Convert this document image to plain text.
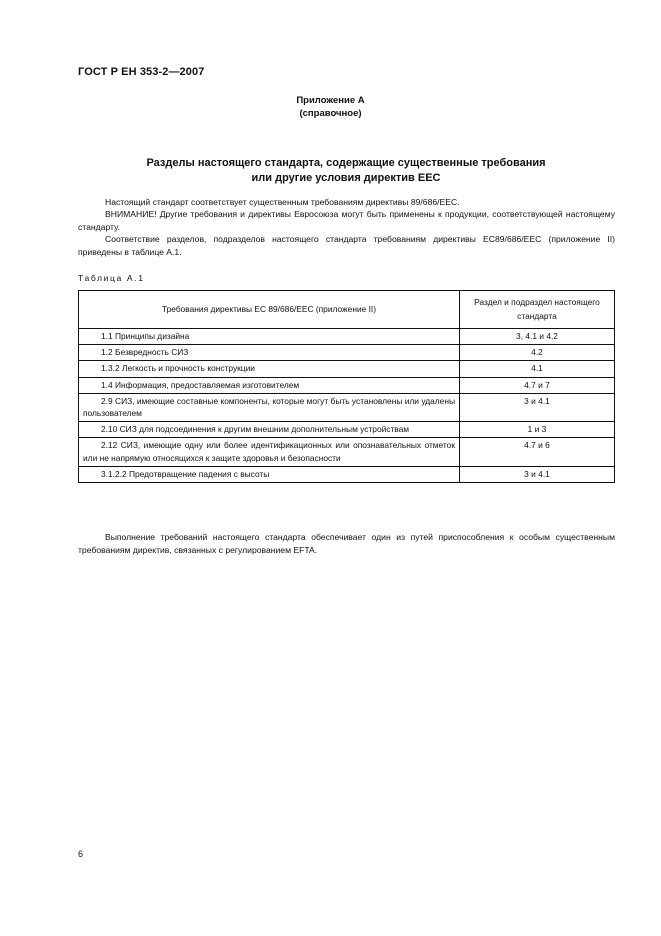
ГОСТ Р ЕН 353-2—2007
Приложение А
(справочное)
Разделы настоящего стандарта, содержащие существенные требования
или другие условия директив ЕЕС

Настоящий стандарт соответствует существенным требованиям директивы 89/686/EEC.

ВНИМАНИЕ! Другие требования и директивы Евросоюза могут быть применены к продукции, соответствующей настоящему стандарту.

Соответствие разделов, подразделов настоящего стандарта требованиям директивы ЕС89/686/EEC (приложение II) приведены в таблице А.1.

Таблица А.1
Требования директивы ЕС 89/686/EEC (приложение II)	Раздел и подраздел настоящего стандарта
1.1 Принципы дизайна	3, 4.1 и 4.2
1.2 Безвредность СИЗ	4.2
1.3.2 Легкость и прочность конструкции	4.1
1.4 Информация, предоставляемая изготовителем	4.7 и 7
2.9 СИЗ, имеющие составные компоненты, которые могут быть установлены или удалены пользователем	3 и 4.1
2.10 СИЗ для подсоединения к другим внешним дополнительным устройствам	1 и 3
2.12 СИЗ, имеющие одну или более идентификационных или опознавательных отметок или не напрямую относящихся к защите здоровья и безопасности	4.7 и 6
3.1.2.2 Предотвращение падения с высоты	3 и 4.1

Выполнение требований настоящего стандарта обеспечивает один из путей приспособления к особым существенным требованиям директив, связанных с регулированием EFTA.

6
